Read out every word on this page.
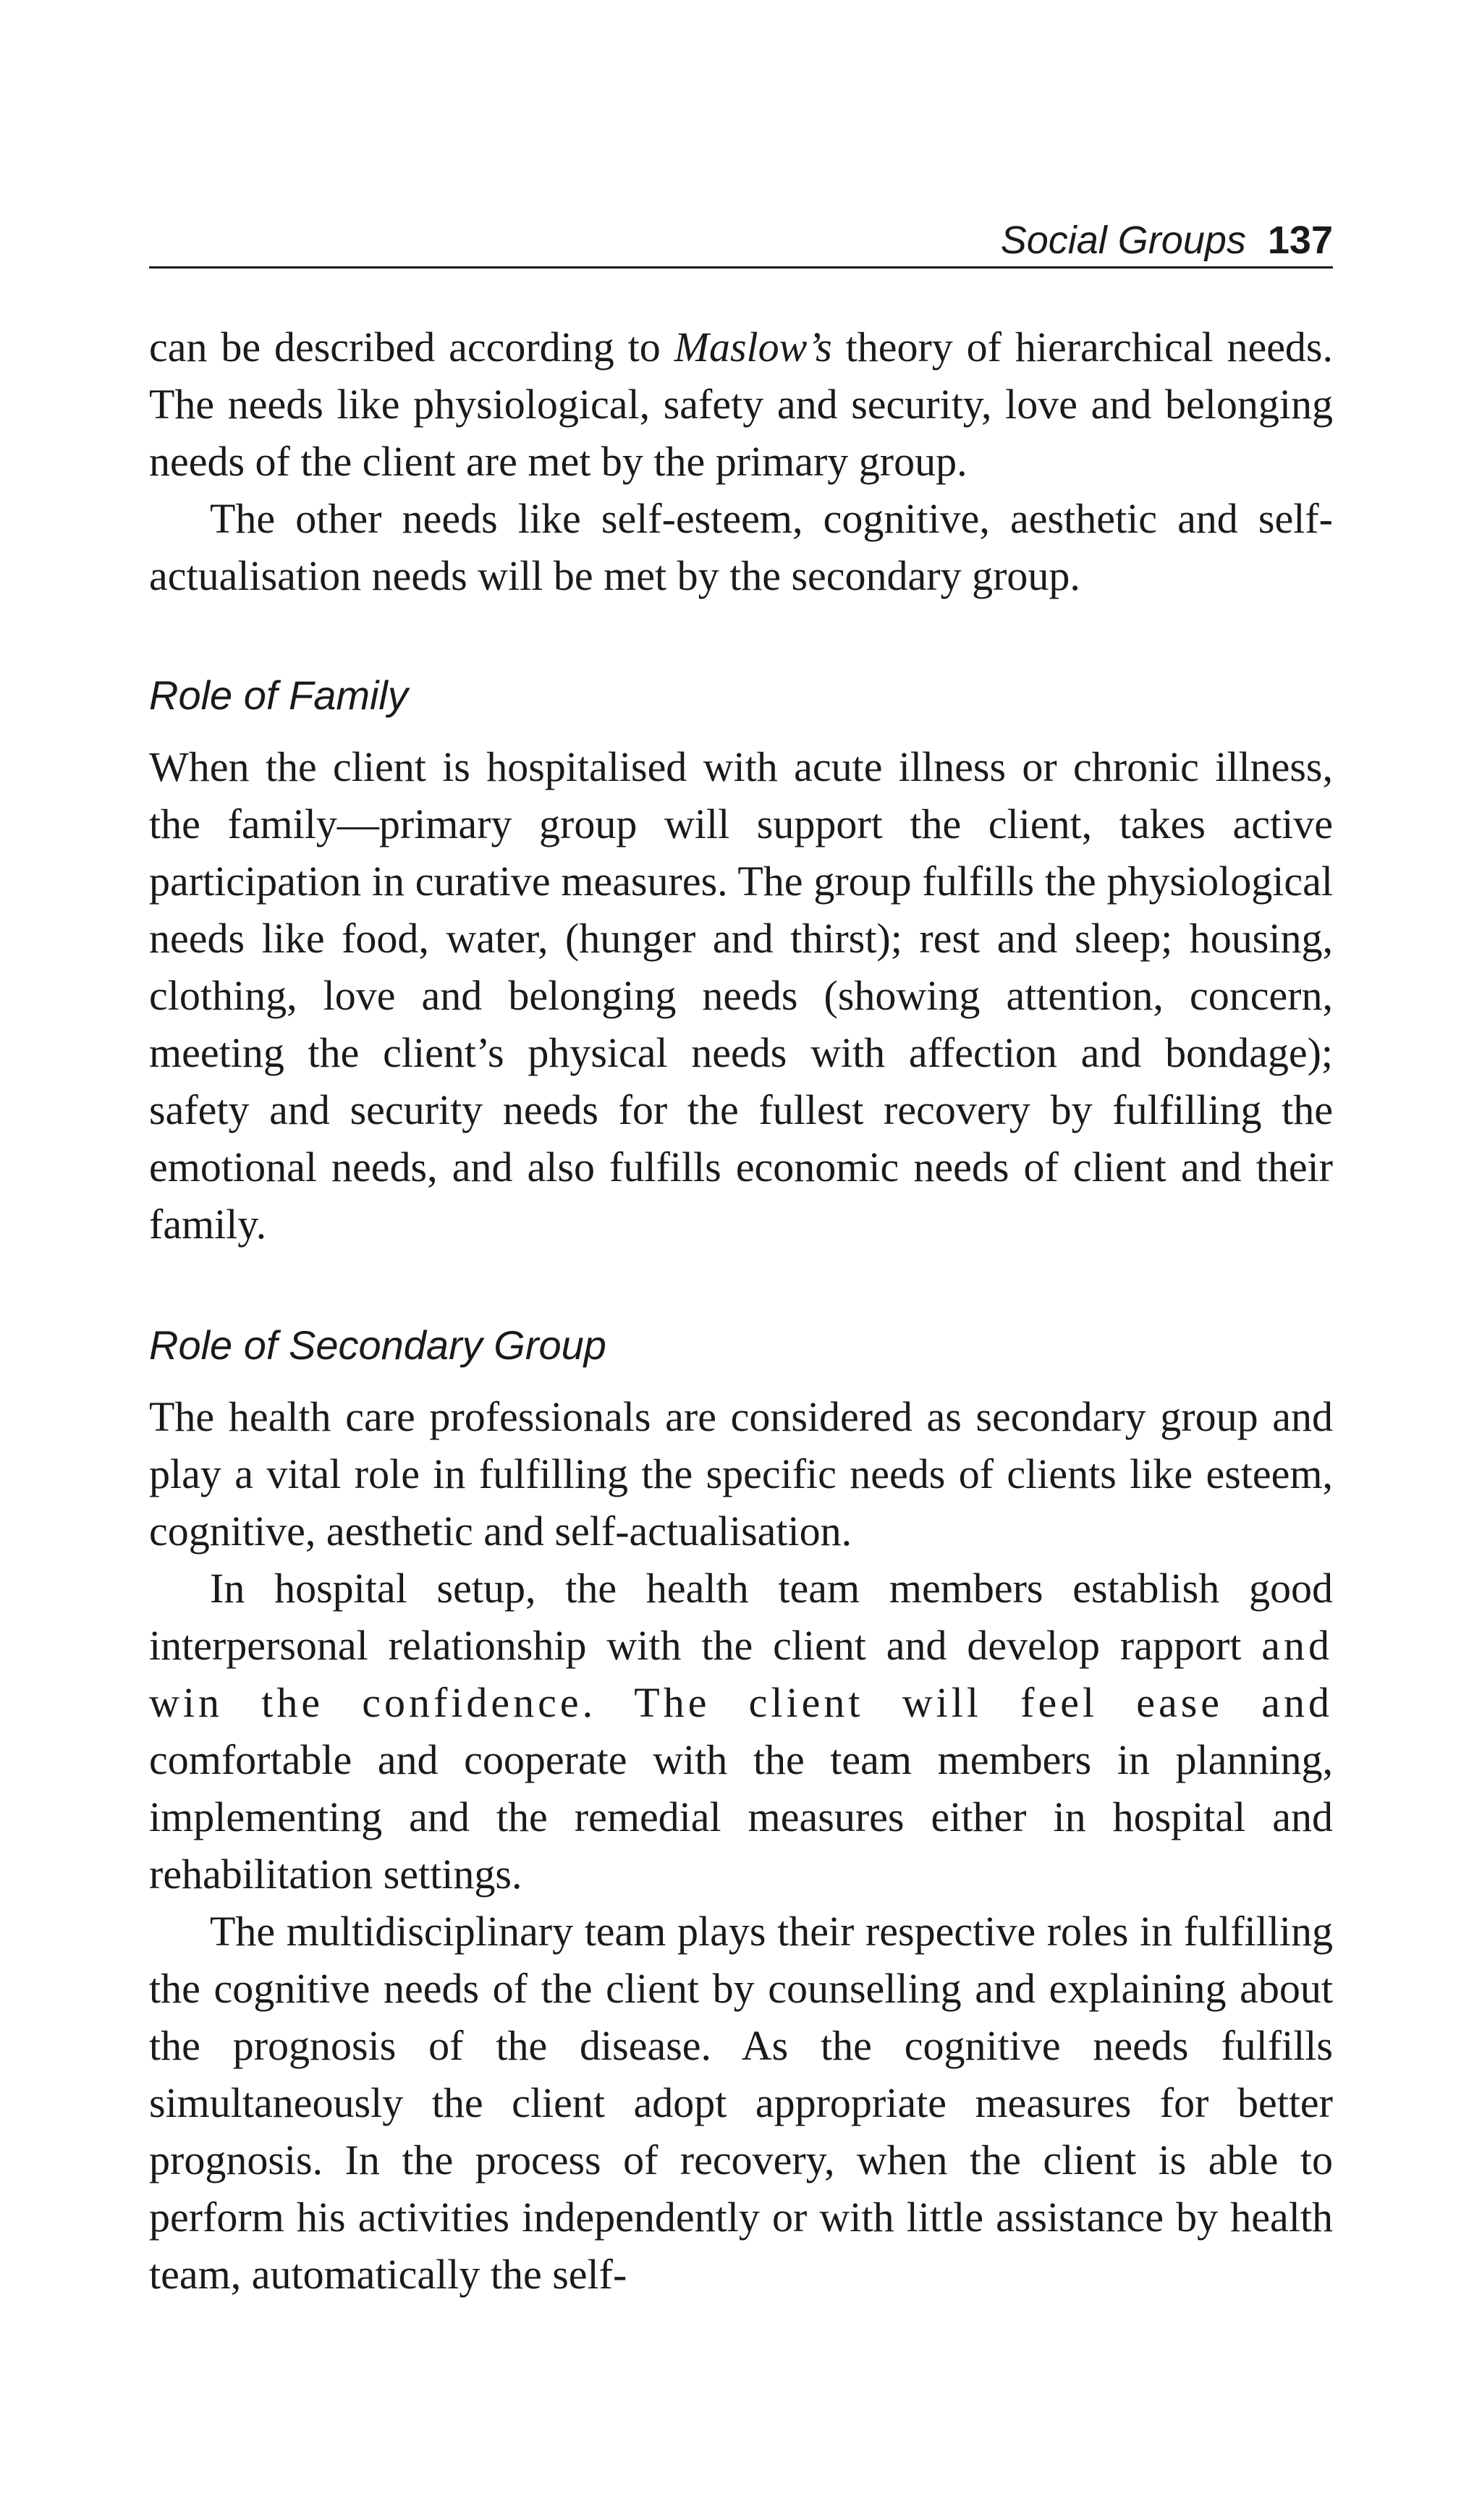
Social Groups 137

can be described according to Maslow’s theory of hierarchical needs. The needs like physiological, safety and security, love and belonging needs of the client are met by the primary group.

The other needs like self-esteem, cognitive, aesthetic and self-actualisation needs will be met by the secondary group.

Role of Family

When the client is hospitalised with acute illness or chronic illness, the family—primary group will support the client, takes active participation in curative measures. The group fulfills the physiological needs like food, water, (hunger and thirst); rest and sleep; housing, clothing, love and belonging needs (showing attention, concern, meeting the client’s physical needs with affection and bondage); safety and security needs for the fullest recovery by fulfilling the emotional needs, and also fulfills economic needs of client and their family.

Role of Secondary Group

The health care professionals are considered as secondary group and play a vital role in fulfilling the specific needs of clients like esteem, cognitive, aesthetic and self-actualisation.

In hospital setup, the health team members establish good interpersonal relationship with the client and develop rapport and win the confidence. The client will feel ease and comfortable and cooperate with the team members in planning, implementing and the remedial measures either in hospital and rehabilitation settings.

The multidisciplinary team plays their respective roles in fulfilling the cognitive needs of the client by counselling and explaining about the prognosis of the disease. As the cognitive needs fulfills simultaneously the client adopt appropriate measures for better prognosis. In the process of recovery, when the client is able to perform his activities independently or with little assistance by health team, automatically the self-
